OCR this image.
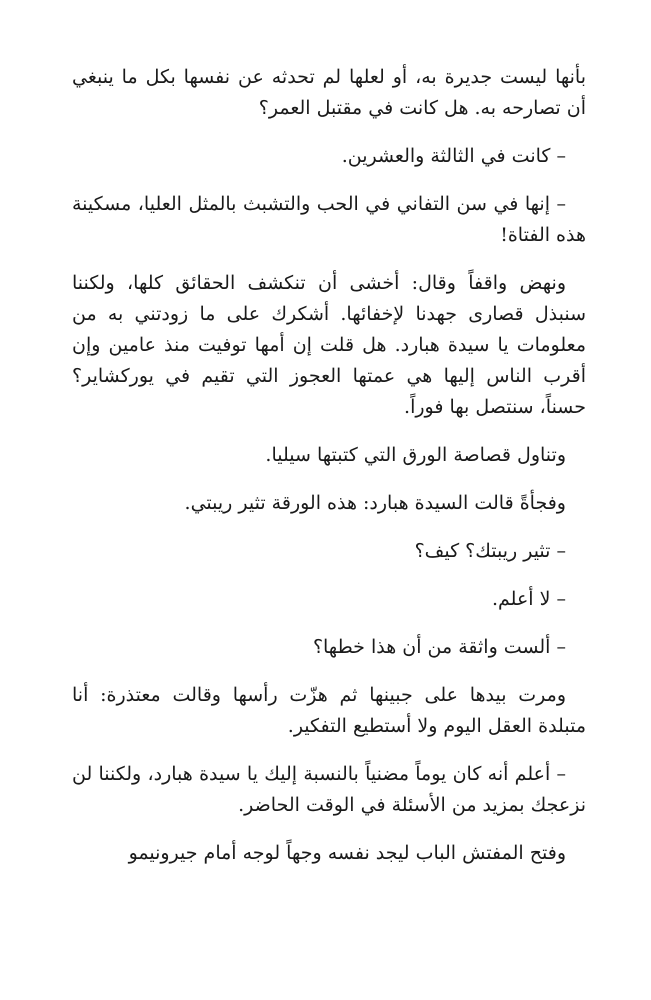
بأنها ليست جديرة به، أو لعلها لم تحدثه عن نفسها بكل ما ينبغي أن تصارحه به. هل كانت في مقتبل العمر؟

– كانت في الثالثة والعشرين.

– إنها في سن التفاني في الحب والتشبث بالمثل العليا، مسكينة هذه الفتاة!

ونهض واقفاً وقال: أخشى أن تنكشف الحقائق كلها، ولكننا سنبذل قصارى جهدنا لإخفائها. أشكرك على ما زودتني به من معلومات يا سيدة هبارد. هل قلت إن أمها توفيت منذ عامين وإن أقرب الناس إليها هي عمتها العجوز التي تقيم في يوركشاير؟ حسناً، سنتصل بها فوراً.

وتناول قصاصة الورق التي كتبتها سيليا.

وفجأةً قالت السيدة هبارد: هذه الورقة تثير ريبتي.

– تثير ريبتك؟ كيف؟

– لا أعلم.

– ألست واثقة من أن هذا خطها؟

ومرت بيدها على جبينها ثم هزّت رأسها وقالت معتذرة: أنا متبلدة العقل اليوم ولا أستطيع التفكير.

– أعلم أنه كان يوماً مضنياً بالنسبة إليك يا سيدة هبارد، ولكننا لن نزعجك بمزيد من الأسئلة في الوقت الحاضر.

وفتح المفتش الباب ليجد نفسه وجهاً لوجه أمام جيرونيمو
